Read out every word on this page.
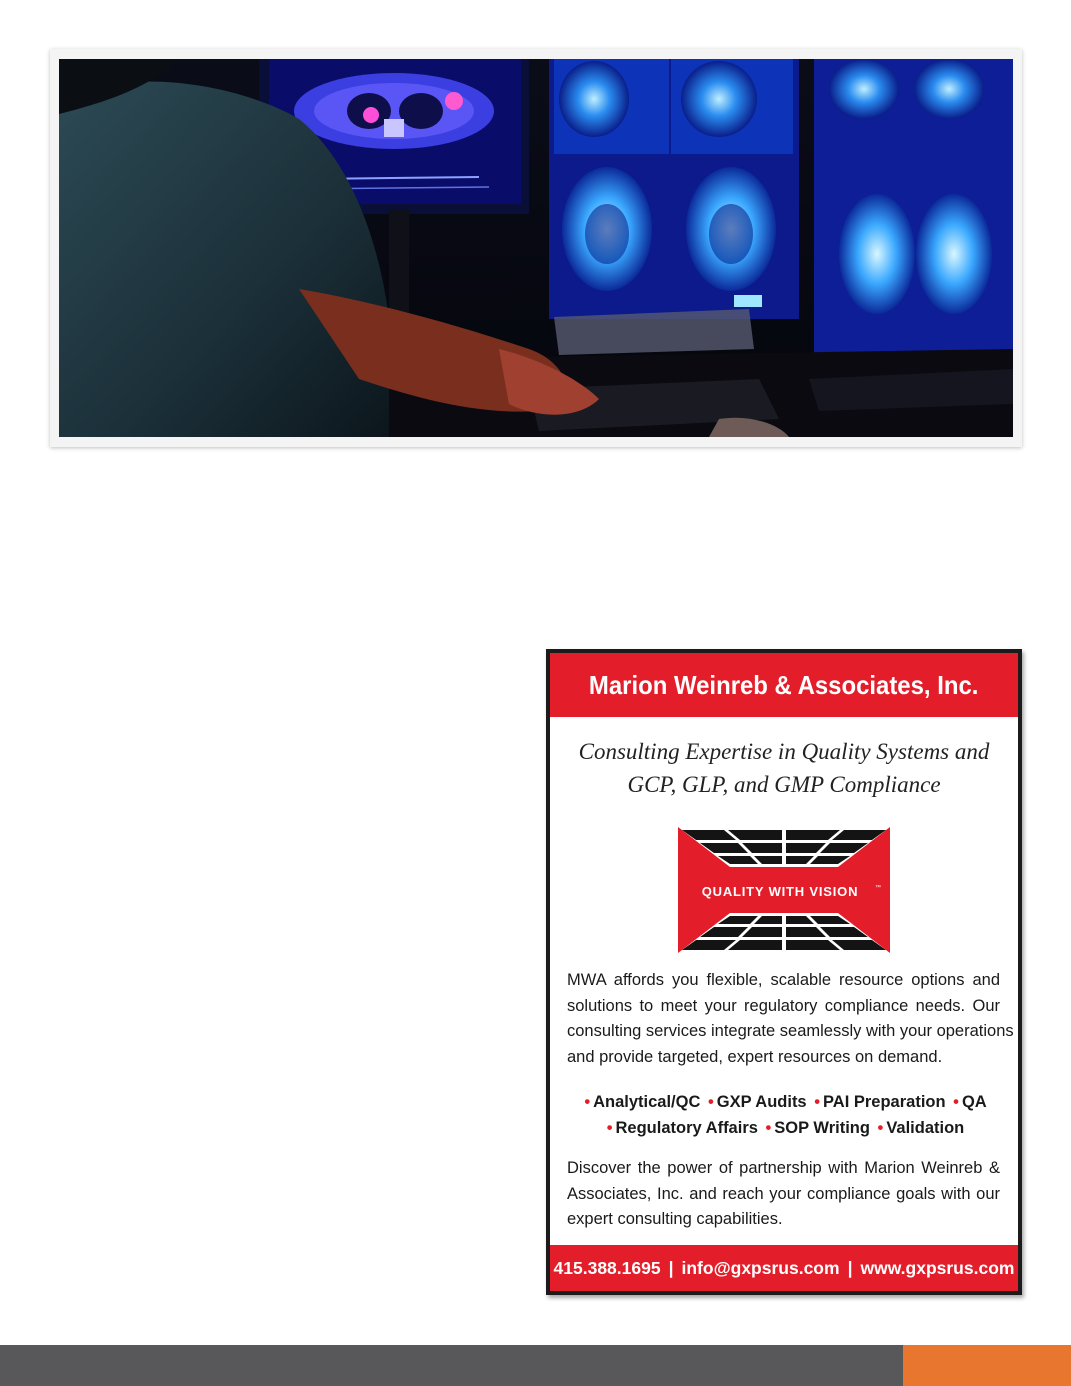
Marion Weinreb & Associates, Inc.
Consulting Expertise in Quality Systems and
GCP, GLP, and GMP Compliance
QUALITY WITH VISION	™
MWA affords you flexible, scalable resource options and
solutions to meet your regulatory compliance needs. Our
consulting services integrate seamlessly with your operations
and provide targeted, expert resources on demand.
• Analytical/QC • GXP Audits • PAI Preparation • QA
• Regulatory Affairs • SOP Writing • Validation
Discover the power of partnership with Marion Weinreb &
Associates, Inc. and reach your compliance goals with our
expert consulting capabilities.
415.388.1695 | info@gxpsrus.com | www.gxpsrus.com
